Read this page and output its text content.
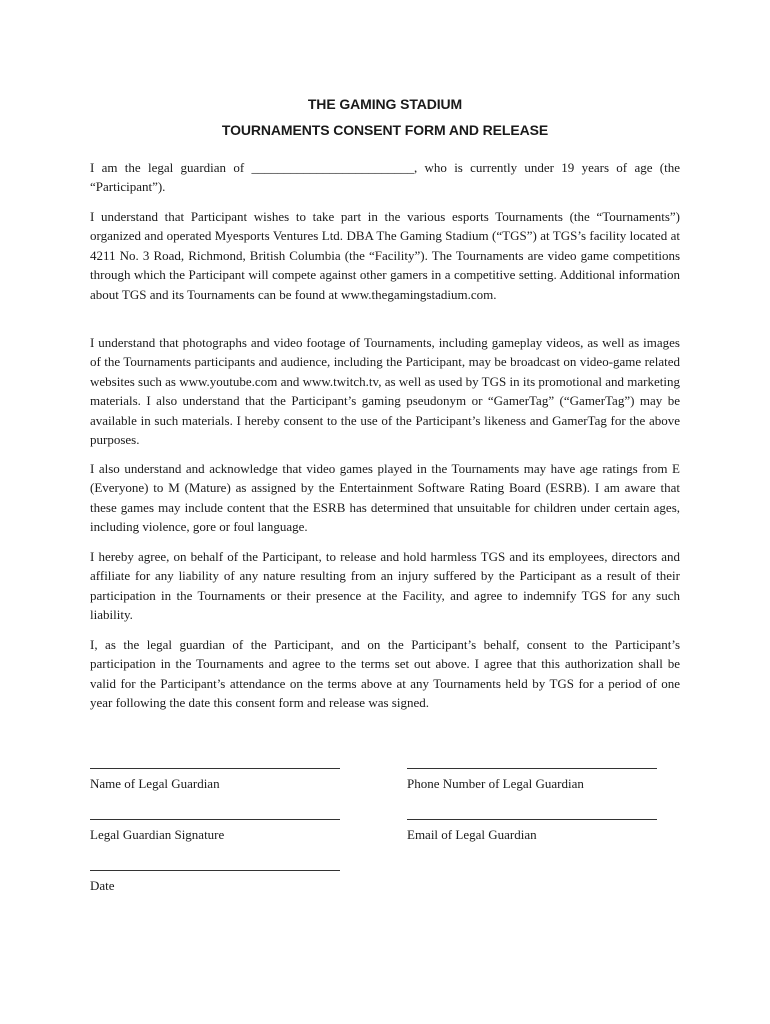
THE GAMING STADIUM
TOURNAMENTS CONSENT FORM AND RELEASE

I am the legal guardian of _________________________, who is currently under 19 years of age (the “Participant”).

I understand that Participant wishes to take part in the various esports Tournaments (the “Tournaments”) organized and operated Myesports Ventures Ltd. DBA The Gaming Stadium (“TGS”) at TGS’s facility located at 4211 No. 3 Road, Richmond, British Columbia (the “Facility”). The Tournaments are video game competitions through which the Participant will compete against other gamers in a competitive setting. Additional information about TGS and its Tournaments can be found at www.thegamingstadium.com.

I understand that photographs and video footage of Tournaments, including gameplay videos, as well as images of the Tournaments participants and audience, including the Participant, may be broadcast on video-game related websites such as www.youtube.com and www.twitch.tv, as well as used by TGS in its promotional and marketing materials. I also understand that the Participant’s gaming pseudonym or “GamerTag” (“GamerTag”) may be available in such materials. I hereby consent to the use of the Participant’s likeness and GamerTag for the above purposes.

I also understand and acknowledge that video games played in the Tournaments may have age ratings from E (Everyone) to M (Mature) as assigned by the Entertainment Software Rating Board (ESRB). I am aware that these games may include content that the ESRB has determined that unsuitable for children under certain ages, including violence, gore or foul language.

I hereby agree, on behalf of the Participant, to release and hold harmless TGS and its employees, directors and affiliate for any liability of any nature resulting from an injury suffered by the Participant as a result of their participation in the Tournaments or their presence at the Facility, and agree to indemnify TGS for any such liability.

I, as the legal guardian of the Participant, and on the Participant’s behalf, consent to the Participant’s participation in the Tournaments and agree to the terms set out above. I agree that this authorization shall be valid for the Participant’s attendance on the terms above at any Tournaments held by TGS for a period of one year following the date this consent form and release was signed.

Name of Legal Guardian	Phone Number of Legal Guardian
Legal Guardian Signature	Email of Legal Guardian
Date
